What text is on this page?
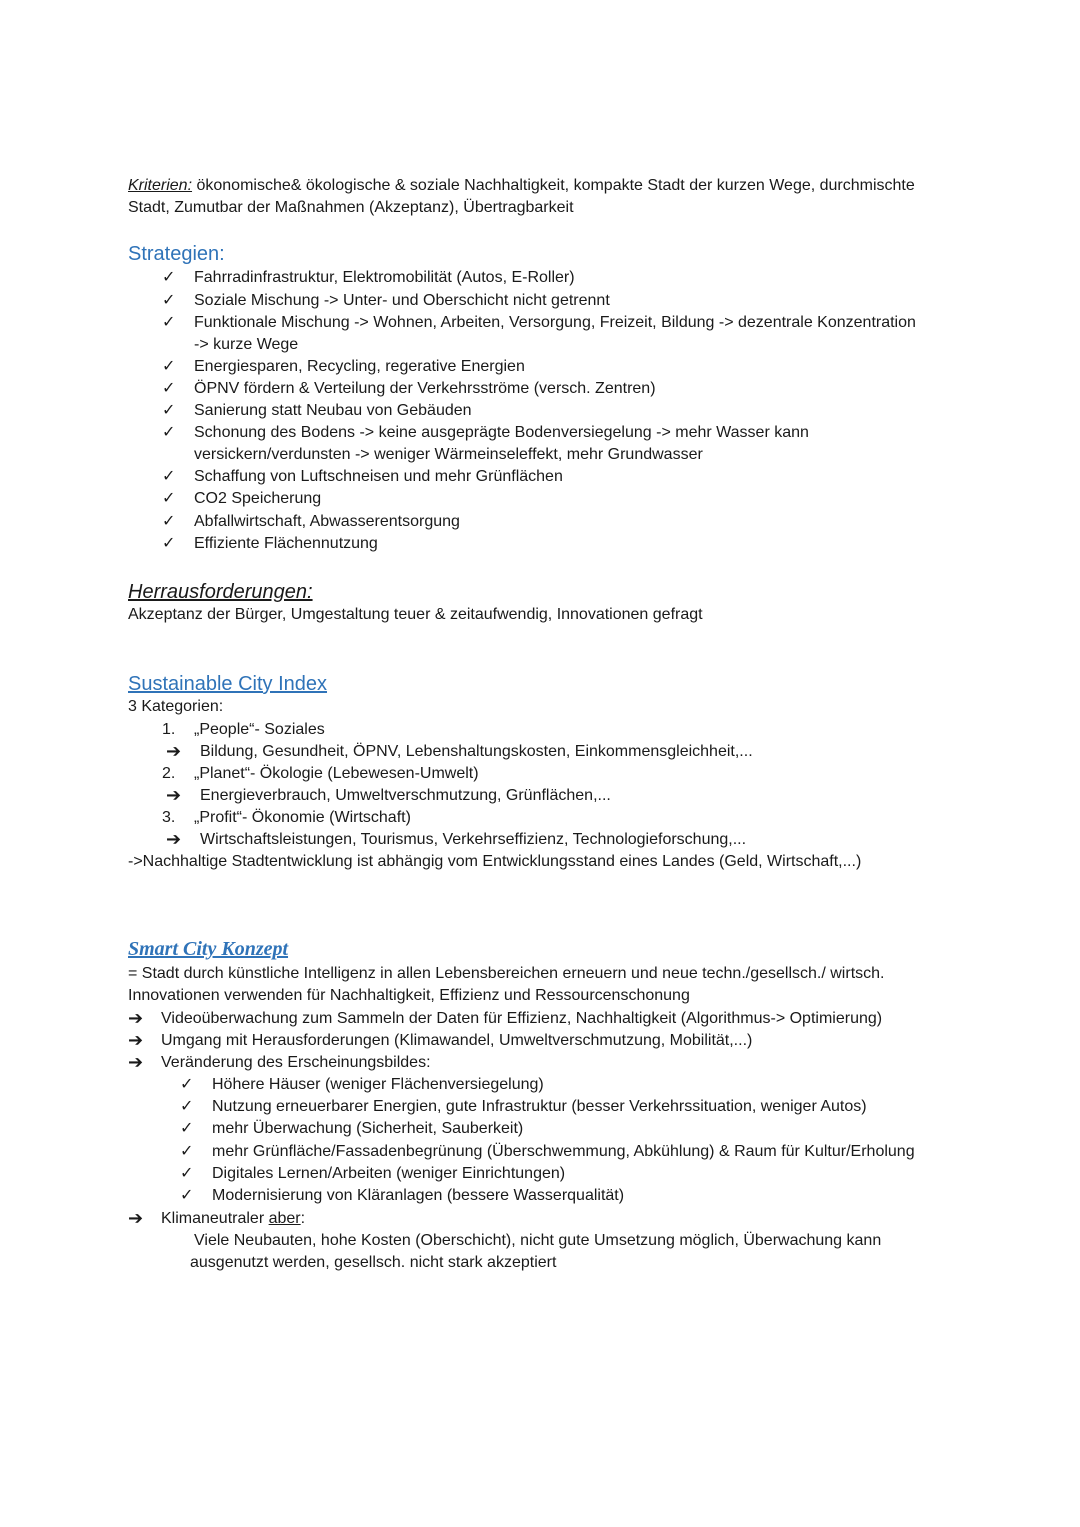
Kriterien: ökonomische& ökologische & soziale Nachhaltigkeit, kompakte Stadt der kurzen Wege, durchmischte
Stadt, Zumutbar der Maßnahmen (Akzeptanz), Übertragbarkeit
Strategien:
✓ Fahrradinfrastruktur, Elektromobilität (Autos, E-Roller)
✓ Soziale Mischung -> Unter- und Oberschicht nicht getrennt
✓ Funktionale Mischung -> Wohnen, Arbeiten, Versorgung, Freizeit, Bildung -> dezentrale Konzentration
-> kurze Wege
✓ Energiesparen, Recycling, regerative Energien
✓ ÖPNV fördern & Verteilung der Verkehrsströme (versch. Zentren)
✓ Sanierung statt Neubau von Gebäuden
✓ Schonung des Bodens -> keine ausgeprägte Bodenversiegelung -> mehr Wasser kann
versickern/verdunsten -> weniger Wärmeinseleffekt, mehr Grundwasser
✓ Schaffung von Luftschneisen und mehr Grünflächen
✓ CO2 Speicherung
✓ Abfallwirtschaft, Abwasserentsorgung
✓ Effiziente Flächennutzung
Herrausforderungen:
Akzeptanz der Bürger, Umgestaltung teuer & zeitaufwendig, Innovationen gefragt
Sustainable City Index
3 Kategorien:
1. „People“- Soziales
➔ Bildung, Gesundheit, ÖPNV, Lebenshaltungskosten, Einkommensgleichheit,...
2. „Planet“- Ökologie (Lebewesen-Umwelt)
➔ Energieverbrauch, Umweltverschmutzung, Grünflächen,...
3. „Profit“- Ökonomie (Wirtschaft)
➔ Wirtschaftsleistungen, Tourismus, Verkehrseffizienz, Technologieforschung,...
->Nachhaltige Stadtentwicklung ist abhängig vom Entwicklungsstand eines Landes (Geld, Wirtschaft,...)
Smart City Konzept
= Stadt durch künstliche Intelligenz in allen Lebensbereichen erneuern und neue techn./gesellsch./ wirtsch.
Innovationen verwenden für Nachhaltigkeit, Effizienz und Ressourcenschonung
➔ Videoüberwachung zum Sammeln der Daten für Effizienz, Nachhaltigkeit (Algorithmus-> Optimierung)
➔ Umgang mit Herausforderungen (Klimawandel, Umweltverschmutzung, Mobilität,...)
➔ Veränderung des Erscheinungsbildes:
✓ Höhere Häuser (weniger Flächenversiegelung)
✓ Nutzung erneuerbarer Energien, gute Infrastruktur (besser Verkehrssituation, weniger Autos)
✓ mehr Überwachung (Sicherheit, Sauberkeit)
✓ mehr Grünfläche/Fassadenbegrünung (Überschwemmung, Abkühlung) & Raum für Kultur/Erholung
✓ Digitales Lernen/Arbeiten (weniger Einrichtungen)
✓ Modernisierung von Kläranlagen (bessere Wasserqualität)
➔ Klimaneutraler aber:
Viele Neubauten, hohe Kosten (Oberschicht), nicht gute Umsetzung möglich, Überwachung kann
ausgenutzt werden, gesellsch. nicht stark akzeptiert
